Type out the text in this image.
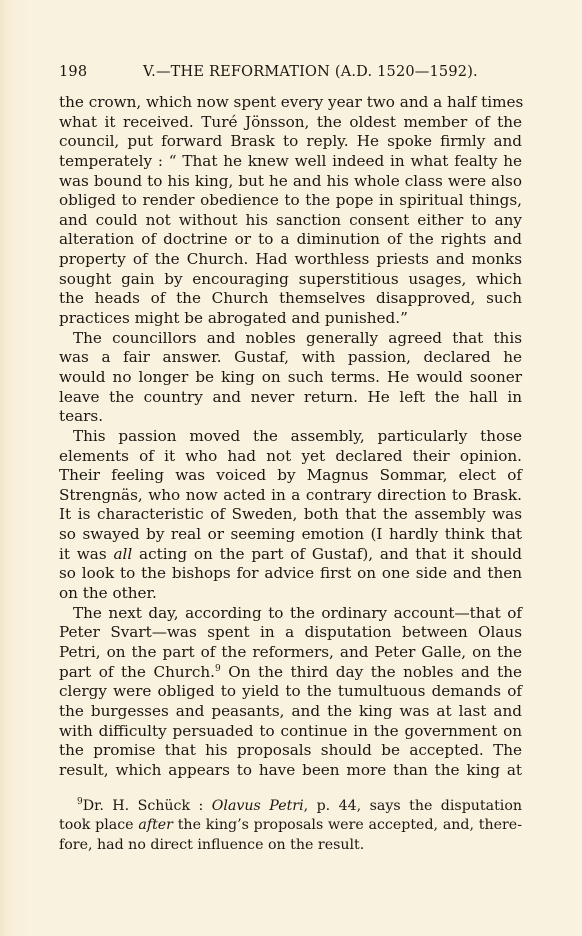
198	V.—THE REFORMATION (A.D. 1520—1592).
the crown, which now spent every year two and a half times
what it received. Turé Jönsson, the oldest member of the
council, put forward Brask to reply. He spoke firmly and
temperately : “ That he knew well indeed in what fealty he
was bound to his king, but he and his whole class were also
obliged to render obedience to the pope in spiritual things,
and could not without his sanction consent either to any
alteration of doctrine or to a diminution of the rights and
property of the Church. Had worthless priests and monks
sought gain by encouraging superstitious usages, which
the heads of the Church themselves disapproved, such
practices might be abrogated and punished.”
The councillors and nobles generally agreed that this
was a fair answer. Gustaf, with passion, declared he
would no longer be king on such terms. He would sooner
leave the country and never return. He left the hall in
tears.
This passion moved the assembly, particularly those
elements of it who had not yet declared their opinion.
Their feeling was voiced by Magnus Sommar, elect of
Strengnäs, who now acted in a contrary direction to Brask.
It is characteristic of Sweden, both that the assembly was
so swayed by real or seeming emotion (I hardly think that
it was all acting on the part of Gustaf), and that it should
so look to the bishops for advice first on one side and then
on the other.
The next day, according to the ordinary account—that of
Peter Svart—was spent in a disputation between Olaus
Petri, on the part of the reformers, and Peter Galle, on the
part of the Church.$^9$ On the third day the nobles and the
clergy were obliged to yield to the tumultuous demands of
the burgesses and peasants, and the king was at last and
with difficulty persuaded to continue in the government on
the promise that his proposals should be accepted. The
result, which appears to have been more than the king at
$^9$Dr. H. Schück : Olavus Petri, p. 44, says the disputation
took place after the king’s proposals were accepted, and, there-
fore, had no direct influence on the result.
